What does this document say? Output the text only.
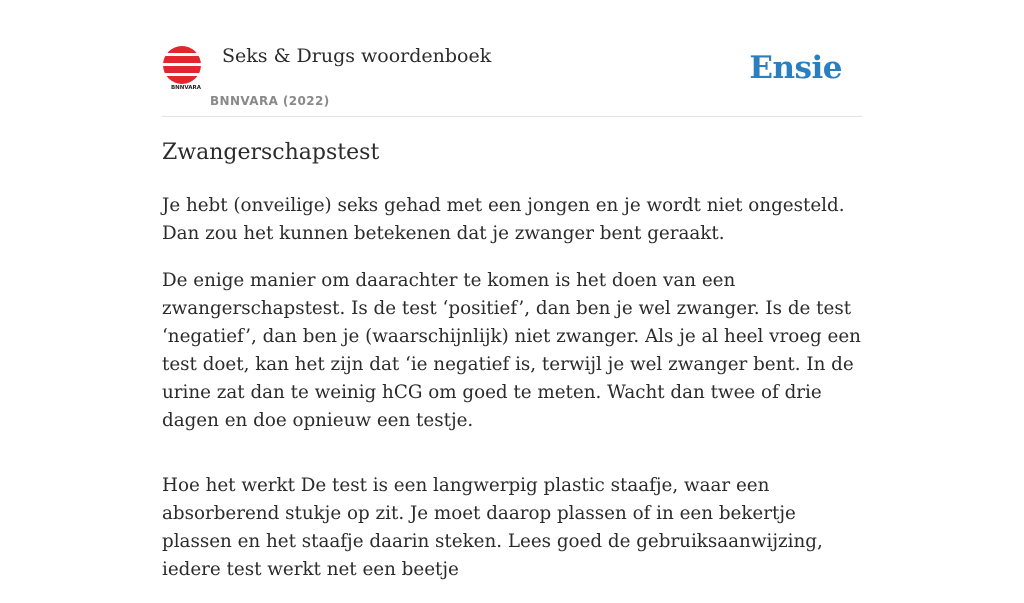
BNNVARA
Seks & Drugs woordenboek
BNNVARA (2022)
Ensie
Zwangerschapstest

Je hebt (onveilige) seks gehad met een jongen en je wordt niet ongesteld. Dan zou het kunnen betekenen dat je zwanger bent geraakt.

De enige manier om daarachter te komen is het doen van een zwangerschapstest. Is de test ‘positief’, dan ben je wel zwanger. Is de test ‘negatief’, dan ben je (waarschijnlijk) niet zwanger. Als je al heel vroeg een test doet, kan het zijn dat ‘ie negatief is, terwijl je wel zwanger bent. In de urine zat dan te weinig hCG om goed te meten. Wacht dan twee of drie dagen en doe opnieuw een testje.

Hoe het werkt De test is een langwerpig plastic staafje, waar een absorberend stukje op zit. Je moet daarop plassen of in een bekertje plassen en het staafje daarin steken. Lees goed de gebruiksaanwijzing, iedere test werkt net een beetje
